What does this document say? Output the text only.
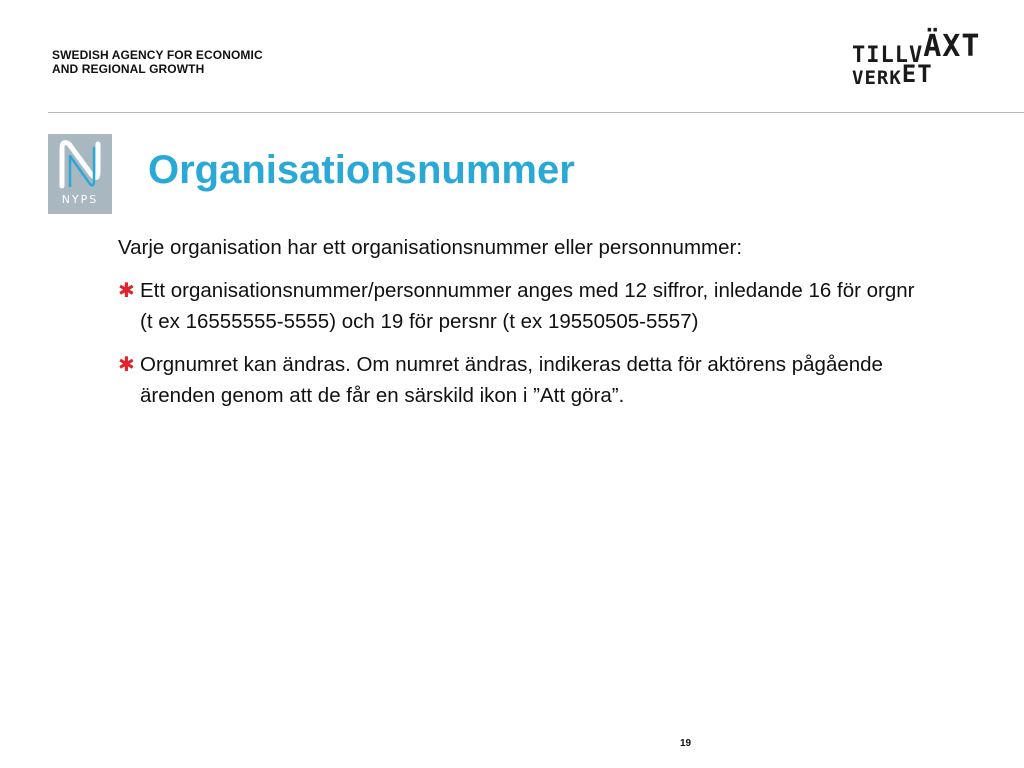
SWEDISH AGENCY FOR ECONOMIC
AND REGIONAL GROWTH
TILLVÄXT
VERKET
NYPS
Organisationsnummer

Varje organisation har ett organisationsnummer eller personnummer:

✱ Ett organisationsnummer/personnummer anges med 12 siffror, inledande 16 för orgnr (t ex 16555555-5555) och 19 för persnr (t ex 19550505-5557)
✱ Orgnumret kan ändras. Om numret ändras, indikeras detta för aktörens pågående ärenden genom att de får en särskild ikon i ”Att göra”.
19
